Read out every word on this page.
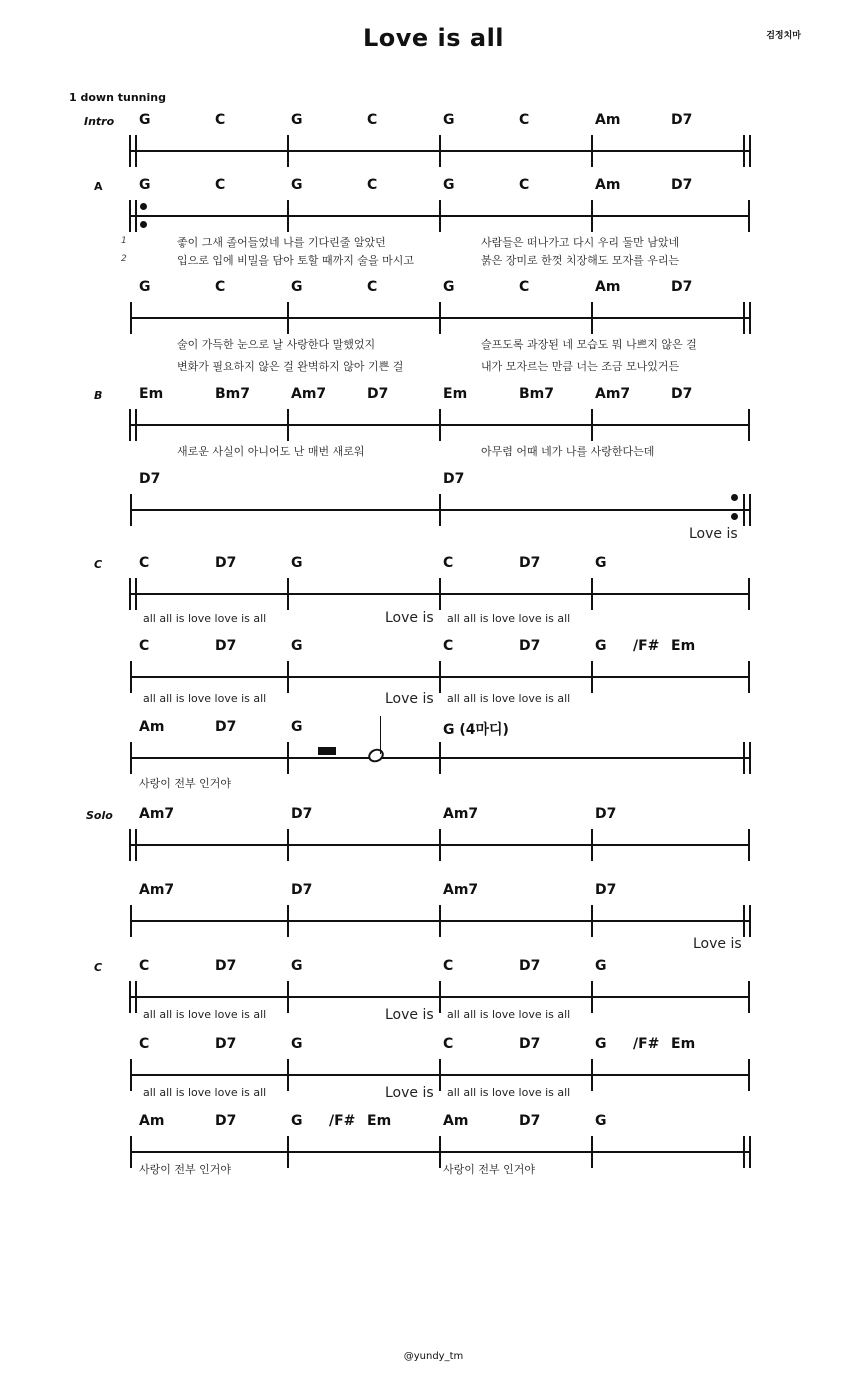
Love is all	검정치마
1 down tunning
Intro G	C	G	C	G	C	Am	D7
A	G	C	G	C	G	C	Am	D7
1
2
좋이 그새 졸어들었네 나를 기다린줄 알았던	사람들은 떠나가고 다시 우리 둘만 남았네
입으로 입에 비밀을 담아 토할 때까지 술을 마시고	붉은 장미로 한껏 치장해도 모자를 우리는
G	C	G	C	G	C	Am	D7
술이 가득한 눈으로 날 사랑한다 말했었지	슬프도록 과장된 네 모습도 뭐 나쁘지 않은 걸
변화가 필요하지 않은 걸 완벽하지 않아 기쁜 걸	내가 모자르는 만큼 너는 조금 모나있거든
B	Em	Bm7	Am7	D7	Em	Bm7	Am7	D7
새로운 사실이 아니어도 난 매번 새로워	아무렴 어때 네가 나를 사랑한다는데
D7	D7
Love is
C	C	D7	G	C	D7	G
all all is love love is all	Love is all all is love love is all
C	D7	G	C	D7	G /F# Em
all all is love love is all	Love is all all is love love is all
Am	D7	G	G (4마디)
사랑이 전부 인거야
Solo Am7	D7	Am7	D7
Am7	D7	Am7	D7
Love is
C	C	D7	G	C	D7	G
all all is love love is all	Love is all all is love love is all
C	D7	G	C	D7	G /F# Em
all all is love love is all	Love is all all is love love is all
Am	D7	G /F# Em	Am	D7	G
사랑이 전부 인거야	사랑이 전부 인거야
@yundy_tm
